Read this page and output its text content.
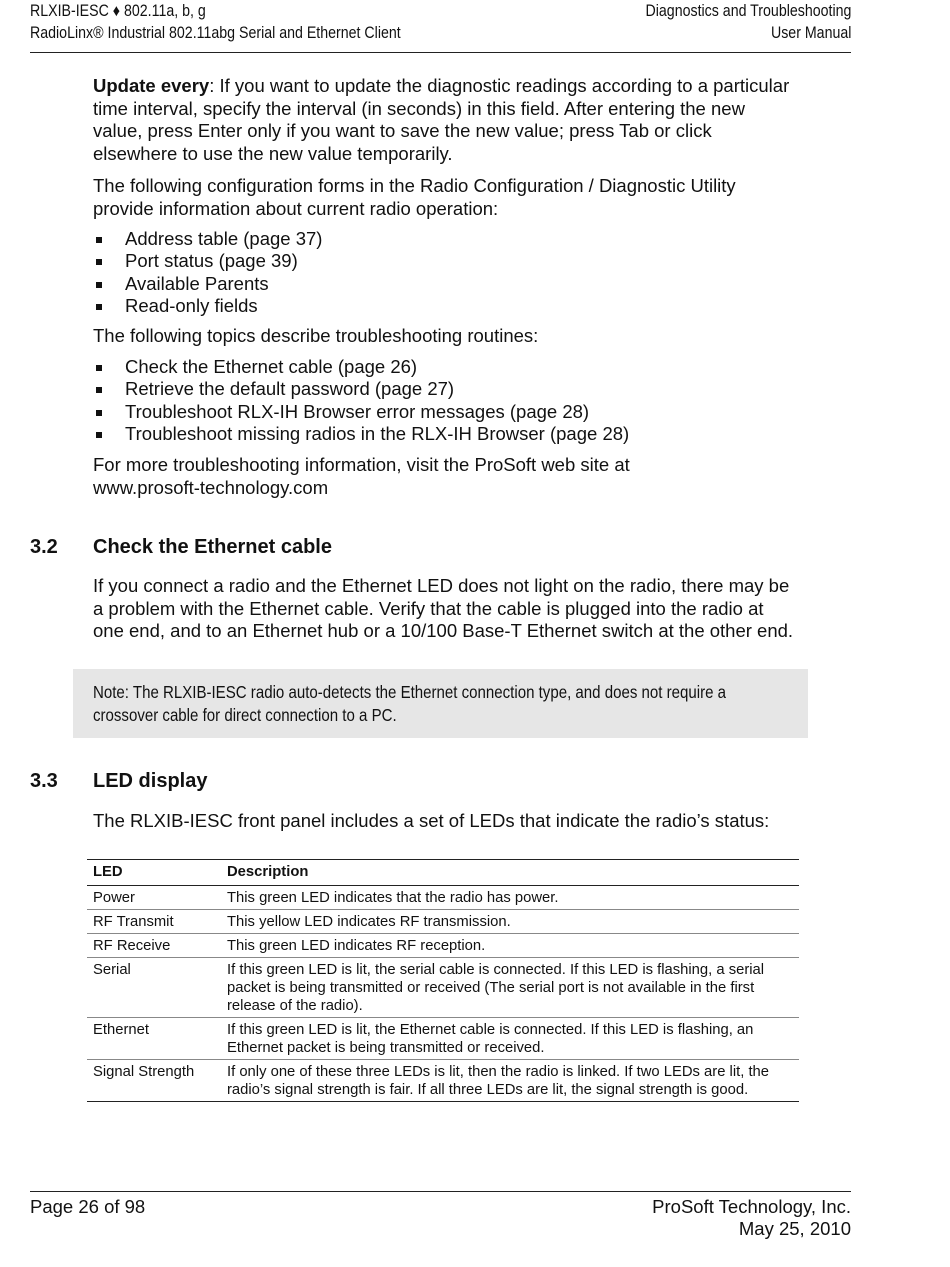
RLXIB-IESC ♦ 802.11a, b, g
RadioLinx® Industrial 802.11abg Serial and Ethernet Client
Diagnostics and Troubleshooting
User Manual

Update every: If you want to update the diagnostic readings according to a particular time interval, specify the interval (in seconds) in this field. After entering the new value, press Enter only if you want to save the new value; press Tab or click elsewhere to use the new value temporarily.

The following configuration forms in the Radio Configuration / Diagnostic Utility provide information about current radio operation:

Address table (page 37)
Port status (page 39)
Available Parents
Read-only fields

The following topics describe troubleshooting routines:

Check the Ethernet cable (page 26)
Retrieve the default password (page 27)
Troubleshoot RLX-IH Browser error messages (page 28)
Troubleshoot missing radios in the RLX-IH Browser (page 28)
For more troubleshooting information, visit the ProSoft web site at
www.prosoft-technology.com
3.2 Check the Ethernet cable

If you connect a radio and the Ethernet LED does not light on the radio, there may be a problem with the Ethernet cable. Verify that the cable is plugged into the radio at one end, and to an Ethernet hub or a 10/100 Base-T Ethernet switch at the other end.

Note: The RLXIB-IESC radio auto-detects the Ethernet connection type, and does not require a crossover cable for direct connection to a PC.
3.3 LED display

The RLXIB-IESC front panel includes a set of LEDs that indicate the radio’s status:

LED	Description
Power	This green LED indicates that the radio has power.
RF Transmit	This yellow LED indicates RF transmission.
RF Receive	This green LED indicates RF reception.
Serial	If this green LED is lit, the serial cable is connected. If this LED is flashing, a serial packet is being transmitted or received (The serial port is not available in the first release of the radio).
Ethernet	If this green LED is lit, the Ethernet cable is connected. If this LED is flashing, an Ethernet packet is being transmitted or received.
Signal Strength	If only one of these three LEDs is lit, then the radio is linked. If two LEDs are lit, the radio’s signal strength is fair. If all three LEDs are lit, the signal strength is good.
Page 26 of 98	ProSoft Technology, Inc.
May 25, 2010
